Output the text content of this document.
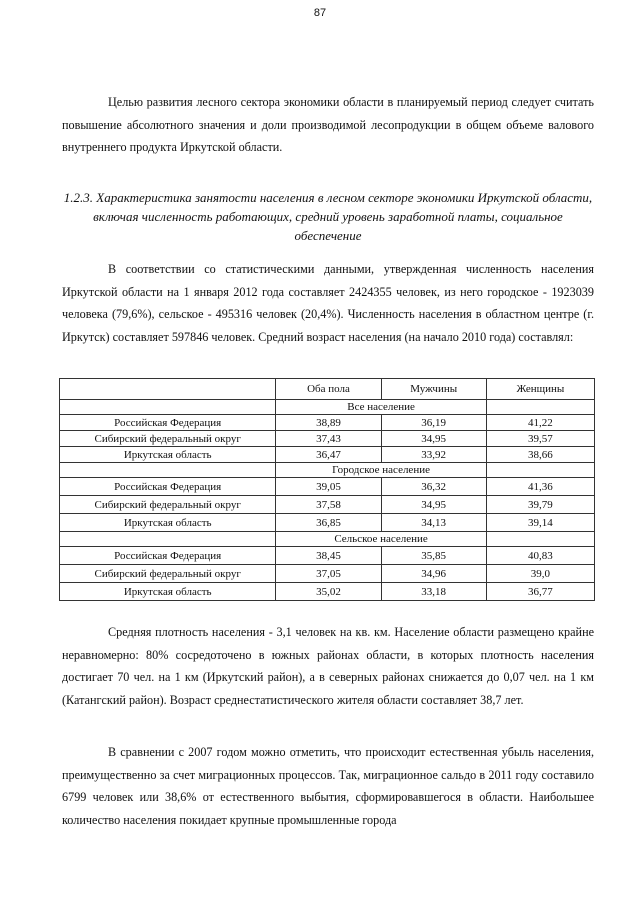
87

Целью развития лесного сектора экономики области в планируемый период следует считать повышение абсолютного значения и доли производимой лесопродукции в общем объеме валового внутреннего продукта Иркутской области.

1.2.3. Характеристика занятости населения в лесном секторе экономики Иркутской области, включая численность работающих, средний уровень заработной платы, социальное обеспечение

В соответствии со статистическими данными, утвержденная численность населения Иркутской области на 1 января 2012 года составляет 2424355 человек, из него городское - 1923039 человека (79,6%), сельское - 495316 человек (20,4%). Численность населения в областном центре (г. Иркутск) составляет 597846 человек. Средний возраст населения (на начало 2010 года) составлял:

	Оба пола	Мужчины	Женщины
	Все население		
Российская Федерация	38,89	36,19	41,22
Сибирский федеральный округ	37,43	34,95	39,57
Иркутская область	36,47	33,92	38,66
	Городское население		
Российская Федерация	39,05	36,32	41,36
Сибирский федеральный округ	37,58	34,95	39,79
Иркутская область	36,85	34,13	39,14
	Сельское население		
Российская Федерация	38,45	35,85	40,83
Сибирский федеральный округ	37,05	34,96	39,0
Иркутская область	35,02	33,18	36,77

Средняя плотность населения - 3,1 человек на кв. км. Население области размещено крайне неравномерно: 80% сосредоточено в южных районах области, в которых плотность населения достигает 70 чел. на 1 км (Иркутский район), а в северных районах снижается до 0,07 чел. на 1 км (Катангский район). Возраст среднестатистического жителя области составляет 38,7 лет.

В сравнении с 2007 годом можно отметить, что происходит естественная убыль населения, преимущественно за счет миграционных процессов. Так, миграционное сальдо в 2011 году составило 6799 человек или 38,6% от естественного выбытия, сформировавшегося в области. Наибольшее количество населения покидает крупные промышленные города
